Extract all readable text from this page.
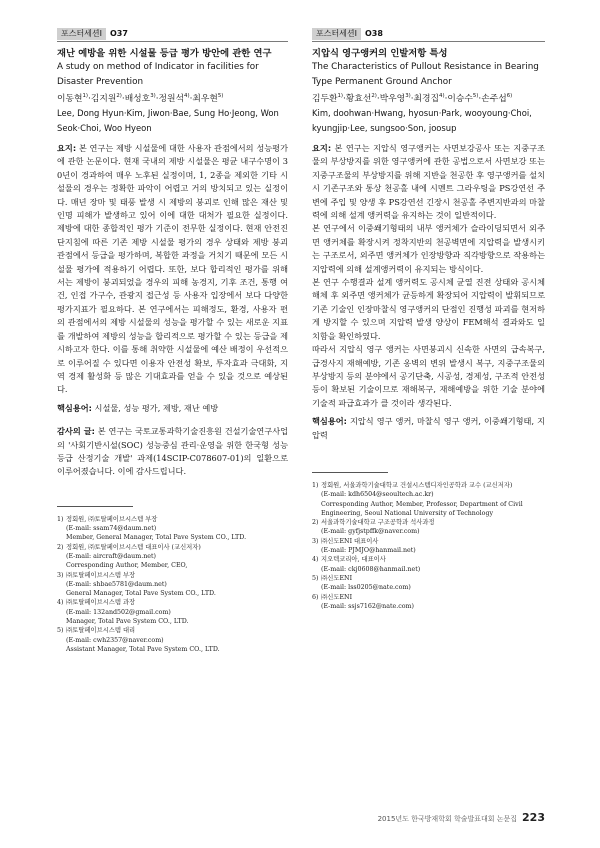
포스터세션Ⅰ O37
재난 예방을 위한 시설물 등급 평가 방안에 관한 연구
A study on method of Indicator in facilities for Disaster Prevention
이동현$^{1)}$·김지원$^{2)}$·배성호$^{3)}$·정원석$^{4)}$·최우현$^{5)}$
Lee, Dong Hyun·Kim, Jiwon·Bae, Sung Ho·Jeong, Won Seok·Choi, Woo Hyeon

요지: 본 연구는 제방 시설물에 대한 사용자 관점에서의 성능평가에 관한 논문이다. 현재 국내의 제방 시설물은 평균 내구수명이 30년이 경과하여 매우 노후된 실정이며, 1, 2종을 제외한 기타 시설물의 경우는 정확한 파악이 어렵고 거의 방치되고 있는 실정이다. 매년 장마 및 태풍 발생 시 제방의 붕괴로 인해 많은 재산 및 인명 피해가 발생하고 있어 이에 대한 대처가 필요한 실정이다. 제방에 대한 종합적인 평가 기준이 전무한 실정이다. 현재 안전진단지침에 따른 기존 제방 시설물 평가의 경우 상태와 제방 붕괴 관점에서 등급을 평가하며, 복합한 과정을 거치기 때문에 모든 시설물 평가에 적용하기 어렵다. 또한, 보다 합리적인 평가를 위해서는 제방이 붕괴되었을 경우의 피해 농경지, 기후 조건, 통행 여건, 인접 가구수, 관광지 접근성 등 사용자 입장에서 보다 다양한 평가지표가 필요하다. 본 연구에서는 피해정도, 환경, 사용자 편의 관점에서의 제방 시설물의 성능을 평가할 수 있는 새로운 지표를 개발하여 제방의 성능을 합리적으로 평가할 수 있는 등급을 제시하고자 한다. 이를 통해 취약한 시설물에 예산 배정이 우선적으로 이루어질 수 있다면 이용자 안전성 확보, 투자효과 극대화, 지역 경제 활성화 등 많은 기대효과를 얻을 수 있을 것으로 예상된다.

핵심용어: 시설물, 성능 평가, 제방, 재난 예방

감사의 글: 본 연구는 국토교통과학기술진흥원 건설기술연구사업의 '사회기반시설(SOC) 성능중심 관리·운영을 위한 한국형 성능등급 산정기술 개발' 과제(14SCIP-C078607-01)의 일환으로 이루어졌습니다. 이에 감사드립니다.

1) 정회원, ㈜토탈페이브시스템 부장
(E-mail: ssam74@daum.net)
Member, General Manager, Total Pave System CO., LTD.
2) 정회원, ㈜토탈페이브시스템 대표이사 (교신저자)
(E-mail: aircraft@daum.net)
Corresponding Author, Member, CEO,
3) ㈜토탈페이브시스템 부장
(E-mail: shbae5781@daum.net)
General Manager, Total Pave System CO., LTD.
4) ㈜토탈페이브시스템 과장
(E-mail: 132and502@gmail.com)
Manager, Total Pave System CO., LTD.
5) ㈜토탈페이브시스템 대리
(E-mail: cwh2357@naver.com)
Assistant Manager, Total Pave System CO., LTD.
포스터세션Ⅰ O38
지압식 영구앵커의 인발저항 특성
The Characteristics of Pullout Resistance in Bearing Type Permanent Ground Anchor
김두환$^{1)}$·황효선$^{2)}$·박우영$^{3)}$·최경집$^{4)}$·이승수$^{5)}$·손주섭$^{6)}$
Kim, doohwan·Hwang, hyosun·Park, wooyoung·Choi, kyungjip·Lee, sungsoo·Son, joosup

요지: 본 연구는 지압식 영구앵커는 사면보강공사 또는 지중구조물의 부상방지를 위한 영구앵커에 관한 공법으로서 사면보강 또는 지중구조물의 부상방지를 위해 지반을 천공한 후 영구앵커를 설치시 기존구조와 통상 천공홀 내에 시멘트 그라우팅을 PS강연선 주변에 주입 및 양생 후 PS강연선 긴장시 천공홀 주변지반과의 마찰력에 의해 설계 앵커력을 유지하는 것이 일반적이다.

본 연구에서 이중쐐기형태의 내부 앵커체가 슬라이딩되면서 외주면 앵커체를 확장시켜 정착지반의 천공벽면에 지압력을 발생시키는 구조로서, 외주면 앵커체가 인장방향과 직각방향으로 작용하는 지압력에 의해 설계앵커력이 유지되는 방식이다.

본 연구 수행결과 설계 앵커력도 공시체 균열 진전 상태와 공시체 해체 후 외주면 앵커체가 균등하게 확장되어 지압력이 발휘되므로 기존 기술인 인장마찰식 영구앵커의 단점인 진행성 파괴를 현저하게 방지할 수 있으며 지압력 발생 양상이 FEM해석 결과와도 일치함을 확인하였다.

따라서 지압식 영구 앵커는 사면붕괴시 신속한 사면의 급속복구, 급경사지 재해예방, 기존 옹벽의 변위 발생시 복구, 지중구조물의 부상방지 등의 분야에서 공기단축, 시공성, 경제성, 구조적 안전성등이 확보된 기술이므로 재해복구, 재해예방을 위한 기술 분야에 기술적 파급효과가 클 것이라 생각된다.

핵심용어: 지압식 영구 앵커, 마찰식 영구 앵커, 이중쐐기형태, 지압력

1) 정회원, 서울과학기술대학교 건설시스템디자인공학과 교수 (교신저자)
(E-mail: kdh6504@seoultech.ac.kr)
Corresponding Author, Member, Professor, Department of Civil Engineering, Seoul National University of Technology
2) 서울과학기술대학교 구조공학과 석사과정
(E-mail: gyfjstpffk@naver.com)
3) ㈜신도ENI 대표이사
(E-mail: PJMJO@hanmail.net)
4) 지오텍코리아, 대표이사
(E-mail: ckj0608@hanmail.net)
5) ㈜신도ENI
(E-mail: lss0205@nate.com)
6) ㈜신도ENI
(E-mail: ssjs7162@nate.com)
2015년도 한국방재학회 학술발표대회 논문집 223
